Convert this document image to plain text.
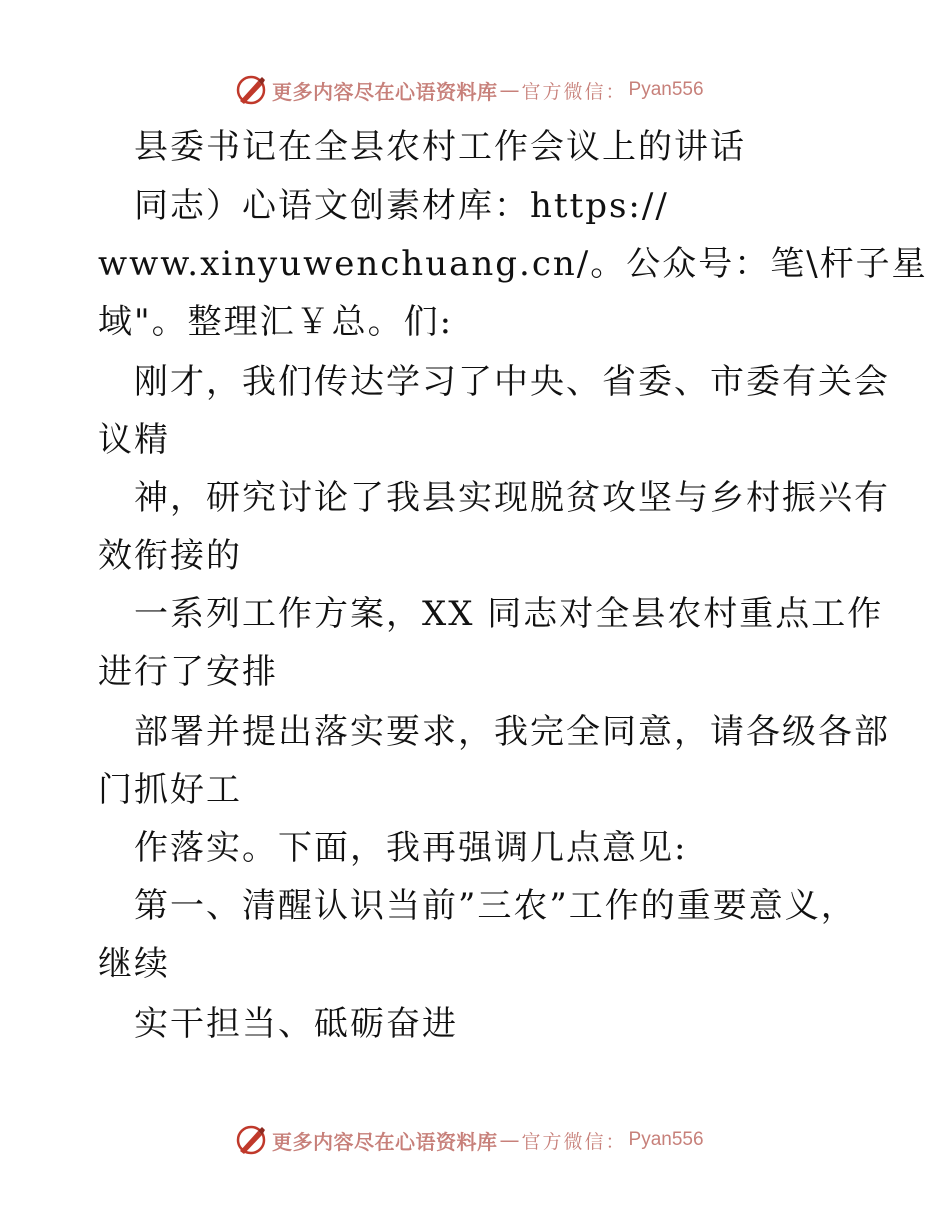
更多内容尽在心语资料库 — 官方微信： Pyan556
县委书记在全县农村工作会议上的讲话
同志）心语文创素材库：https://
www.xinyuwenchuang.cn/。公众号：笔\杆子星
域"。整理汇￥总。们:
刚才，我们传达学习了中央、省委、市委有关会
议精
神，研究讨论了我县实现脱贫攻坚与乡村振兴有
效衔接的
一系列工作方案，XX 同志对全县农村重点工作
进行了安排
部署并提出落实要求，我完全同意，请各级各部
门抓好工
作落实。下面，我再强调几点意见:
第一、清醒认识当前”三农”工作的重要意义，
继续
实干担当、砥砺奋进
更多内容尽在心语资料库 — 官方微信： Pyan556
